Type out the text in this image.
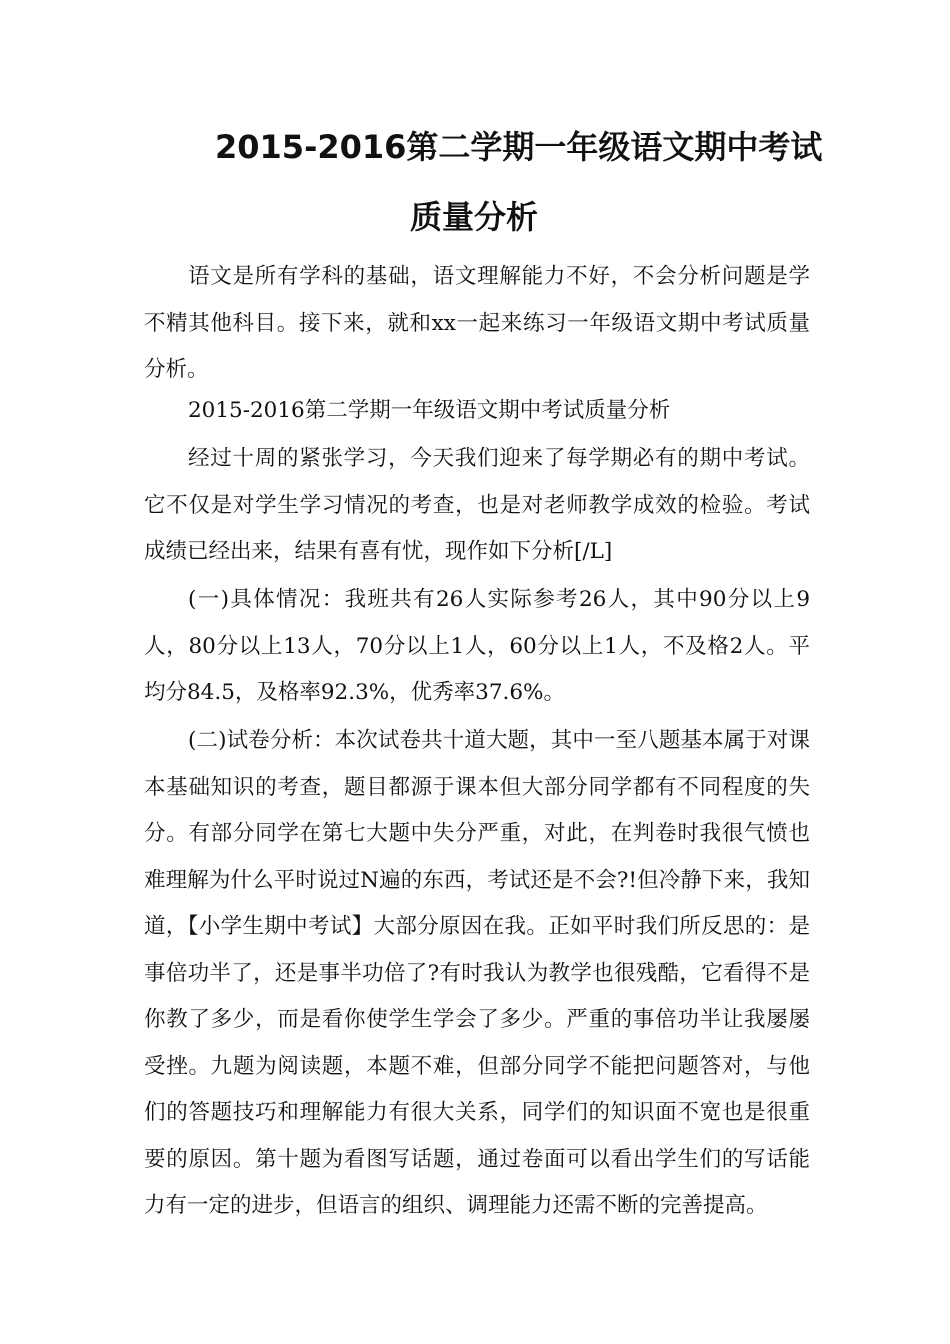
2015-2016第二学期一年级语文期中考试
质量分析

语文是所有学科的基础，语文理解能力不好，不会分析问题是学不精其他科目。接下来，就和xx一起来练习一年级语文期中考试质量分析。

2015-2016第二学期一年级语文期中考试质量分析

经过十周的紧张学习，今天我们迎来了每学期必有的期中考试。它不仅是对学生学习情况的考查，也是对老师教学成效的检验。考试成绩已经出来，结果有喜有忧，现作如下分析[/L]

(一)具体情况：我班共有26人实际参考26人，其中90分以上9人，80分以上13人，70分以上1人，60分以上1人，不及格2人。平均分84.5，及格率92.3%，优秀率37.6%。

(二)试卷分析：本次试卷共十道大题，其中一至八题基本属于对课本基础知识的考查，题目都源于课本但大部分同学都有不同程度的失分。有部分同学在第七大题中失分严重，对此，在判卷时我很气愤也难理解为什么平时说过N遍的东西，考试还是不会?!但冷静下来，我知道，【小学生期中考试】大部分原因在我。正如平时我们所反思的：是事倍功半了，还是事半功倍了?有时我认为教学也很残酷，它看得不是你教了多少，而是看你使学生学会了多少。严重的事倍功半让我屡屡受挫。九题为阅读题，本题不难，但部分同学不能把问题答对，与他们的答题技巧和理解能力有很大关系，同学们的知识面不宽也是很重要的原因。第十题为看图写话题，通过卷面可以看出学生们的写话能力有一定的进步，但语言的组织、调理能力还需不断的完善提高。
